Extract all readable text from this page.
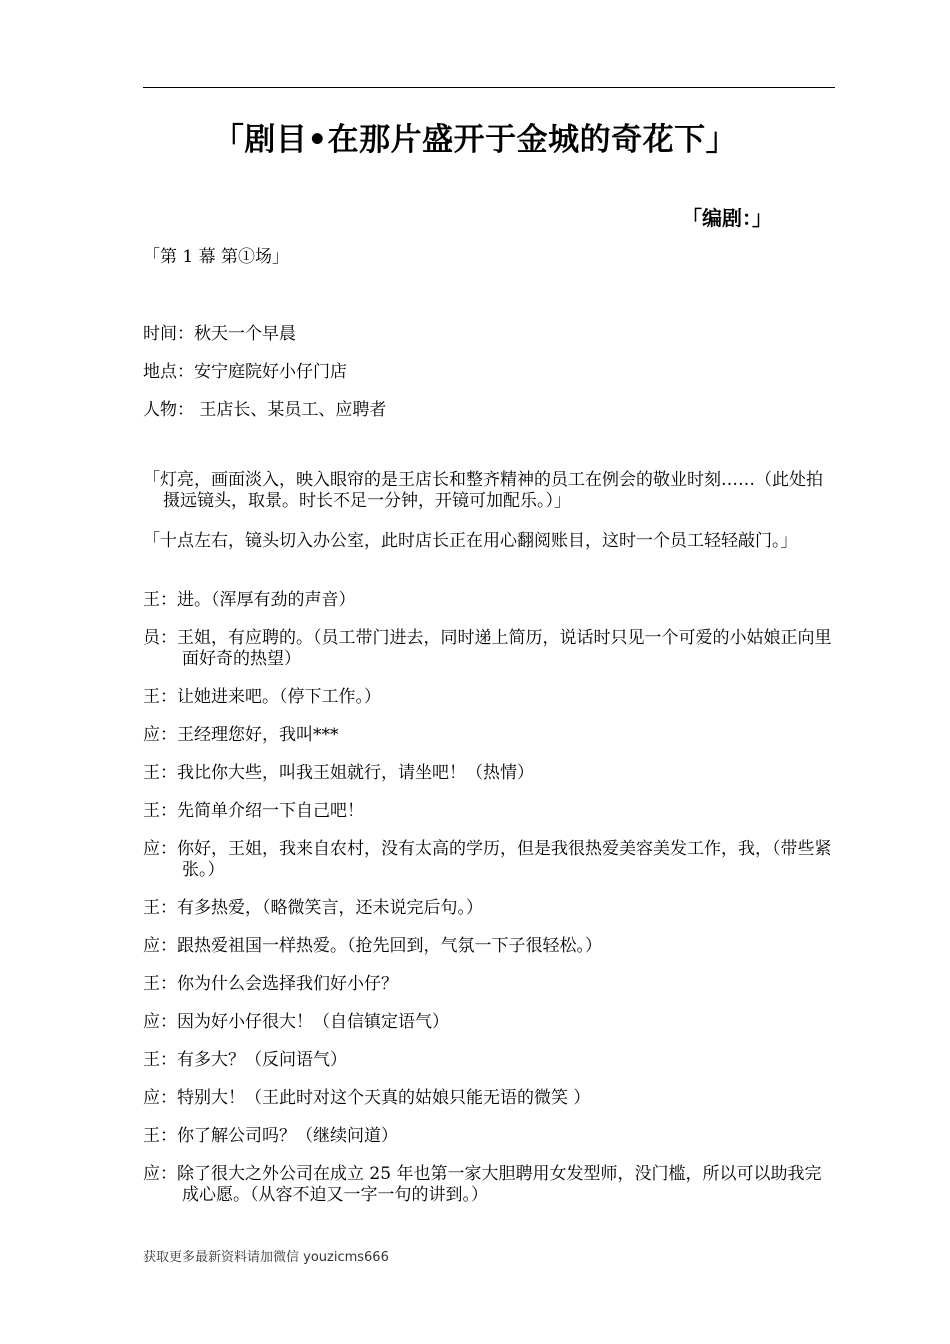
「剧目•在那片盛开于金城的奇花下」
「编剧：」
「第 1 幕 第①场」
时间：秋天一个早晨
地点：安宁庭院好小仔门店
人物： 王店长、某员工、应聘者
「灯亮，画面淡入，映入眼帘的是王店长和整齐精神的员工在例会的敬业时刻……（此处拍摄远镜头，取景。时长不足一分钟，开镜可加配乐。）」
「十点左右，镜头切入办公室，此时店长正在用心翻阅账目，这时一个员工轻轻敲门。」
王：进。（浑厚有劲的声音）
员：王姐，有应聘的。（员工带门进去，同时递上简历，说话时只见一个可爱的小姑娘正向里面好奇的热望）
王：让她进来吧。（停下工作。）
应：王经理您好，我叫***
王：我比你大些，叫我王姐就行，请坐吧！（热情）
王：先简单介绍一下自己吧！
应：你好，王姐，我来自农村，没有太高的学历，但是我很热爱美容美发工作，我，（带些紧张。）
王：有多热爱，（略微笑言，还未说完后句。）
应：跟热爱祖国一样热爱。（抢先回到，气氛一下子很轻松。）
王：你为什么会选择我们好小仔？
应：因为好小仔很大！（自信镇定语气）
王：有多大？（反问语气）
应：特别大！（王此时对这个天真的姑娘只能无语的微笑 ）
王：你了解公司吗？（继续问道）
应：除了很大之外公司在成立 25 年也第一家大胆聘用女发型师，没门槛，所以可以助我完成心愿。（从容不迫又一字一句的讲到。）
获取更多最新资料请加微信 youzicms666
